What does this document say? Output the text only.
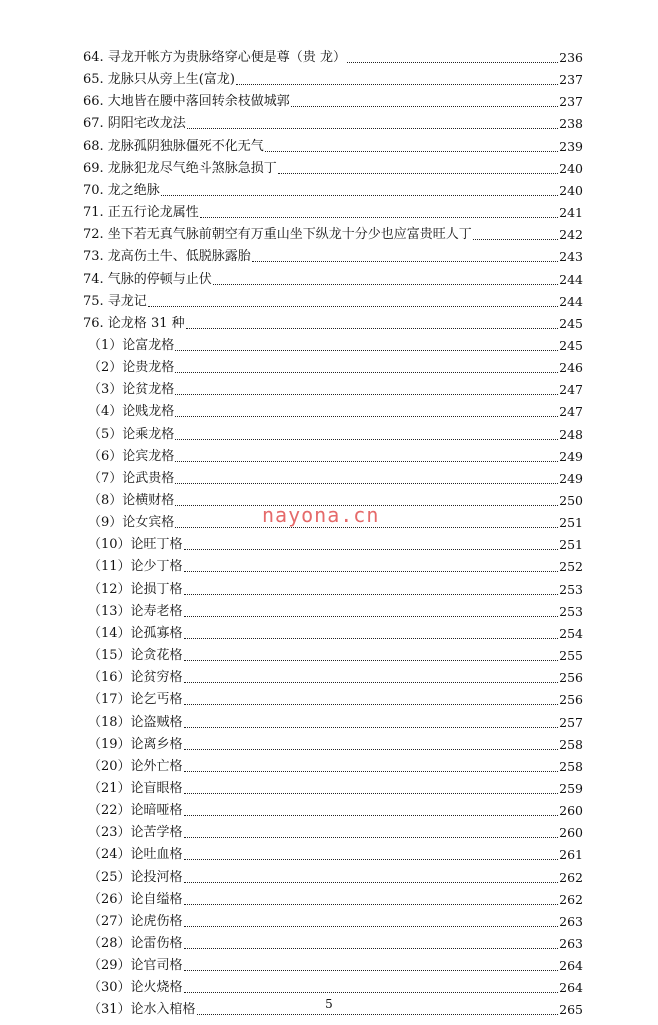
64. 寻龙开帐方为贵脉络穿心便是尊（贵 龙）	236
65. 龙脉只从旁上生(富龙)	237
66. 大地皆在腰中落回转余枝做城郭	237
67. 阴阳宅改龙法	238
68. 龙脉孤阴独脉僵死不化无气	239
69. 龙脉犯龙尽气绝斗煞脉急损丁	240
70. 龙之绝脉	240
71. 正五行论龙属性	241
72. 坐下若无真气脉前朝空有万重山坐下纵龙十分少也应富贵旺人丁	242
73. 龙高伤土牛、低脱脉露胎	243
74. 气脉的停顿与止伏	244
75. 寻龙记	244
76. 论龙格 31 种	245
（1）论富龙格	245
（2）论贵龙格	246
（3）论贫龙格	247
（4）论贱龙格	247
（5）论乘龙格	248
（6）论宾龙格	249
（7）论武贵格	249
（8）论横财格	250
（9）论女宾格	251
（10）论旺丁格	251
（11）论少丁格	252
（12）论损丁格	253
（13）论寿老格	253
（14）论孤寡格	254
（15）论贪花格	255
（16）论贫穷格	256
（17）论乞丐格	256
（18）论盗贼格	257
（19）论离乡格	258
（20）论外亡格	258
（21）论盲眼格	259
（22）论暗哑格	260
（23）论苦学格	260
（24）论吐血格	261
（25）论投河格	262
（26）论自缢格	262
（27）论虎伤格	263
（28）论雷伤格	263
（29）论官司格	264
（30）论火烧格	264
（31）论水入棺格	265
nayona.cn
5
